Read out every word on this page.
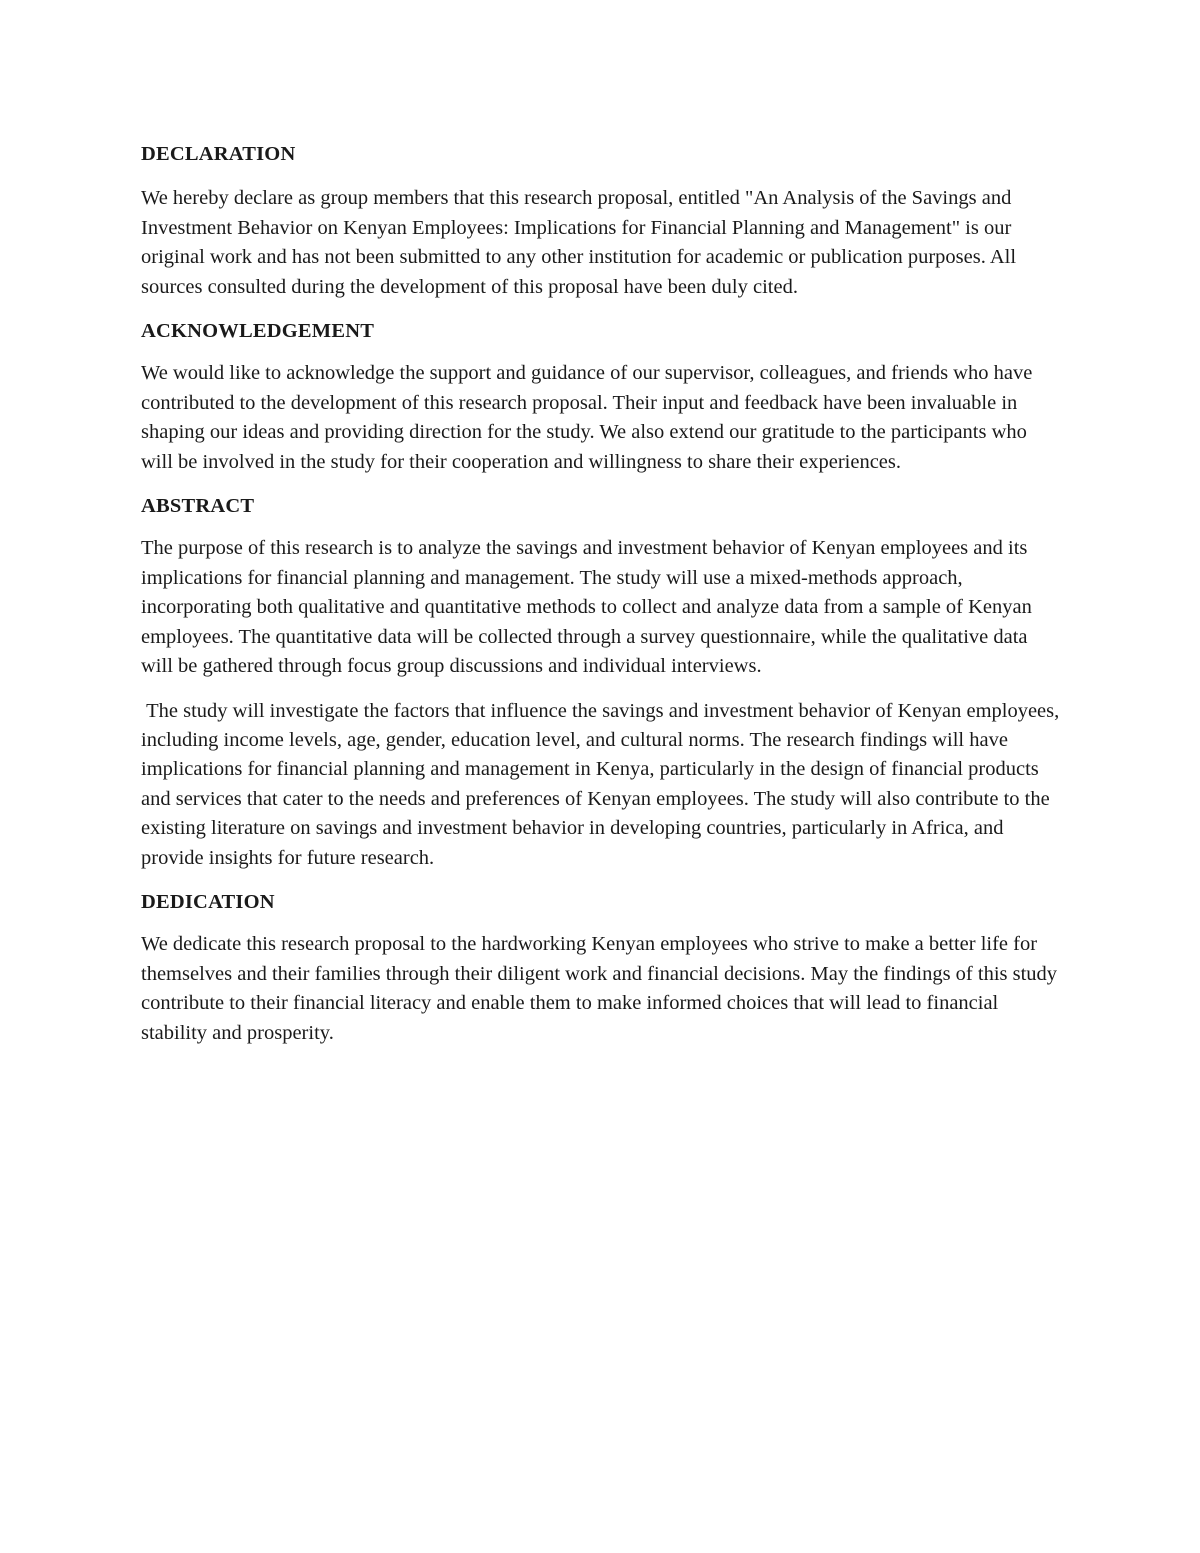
DECLARATION

We hereby declare as group members that this research proposal, entitled "An Analysis of the Savings and Investment Behavior on Kenyan Employees: Implications for Financial Planning and Management" is our original work and has not been submitted to any other institution for academic or publication purposes. All sources consulted during the development of this proposal have been duly cited.

ACKNOWLEDGEMENT

We would like to acknowledge the support and guidance of our supervisor, colleagues, and friends who have contributed to the development of this research proposal. Their input and feedback have been invaluable in shaping our ideas and providing direction for the study. We also extend our gratitude to the participants who will be involved in the study for their cooperation and willingness to share their experiences.

ABSTRACT

The purpose of this research is to analyze the savings and investment behavior of Kenyan employees and its implications for financial planning and management. The study will use a mixed-methods approach, incorporating both qualitative and quantitative methods to collect and analyze data from a sample of Kenyan employees. The quantitative data will be collected through a survey questionnaire, while the qualitative data will be gathered through focus group discussions and individual interviews.

The study will investigate the factors that influence the savings and investment behavior of Kenyan employees, including income levels, age, gender, education level, and cultural norms. The research findings will have implications for financial planning and management in Kenya, particularly in the design of financial products and services that cater to the needs and preferences of Kenyan employees. The study will also contribute to the existing literature on savings and investment behavior in developing countries, particularly in Africa, and provide insights for future research.

DEDICATION

We dedicate this research proposal to the hardworking Kenyan employees who strive to make a better life for themselves and their families through their diligent work and financial decisions. May the findings of this study contribute to their financial literacy and enable them to make informed choices that will lead to financial stability and prosperity.
